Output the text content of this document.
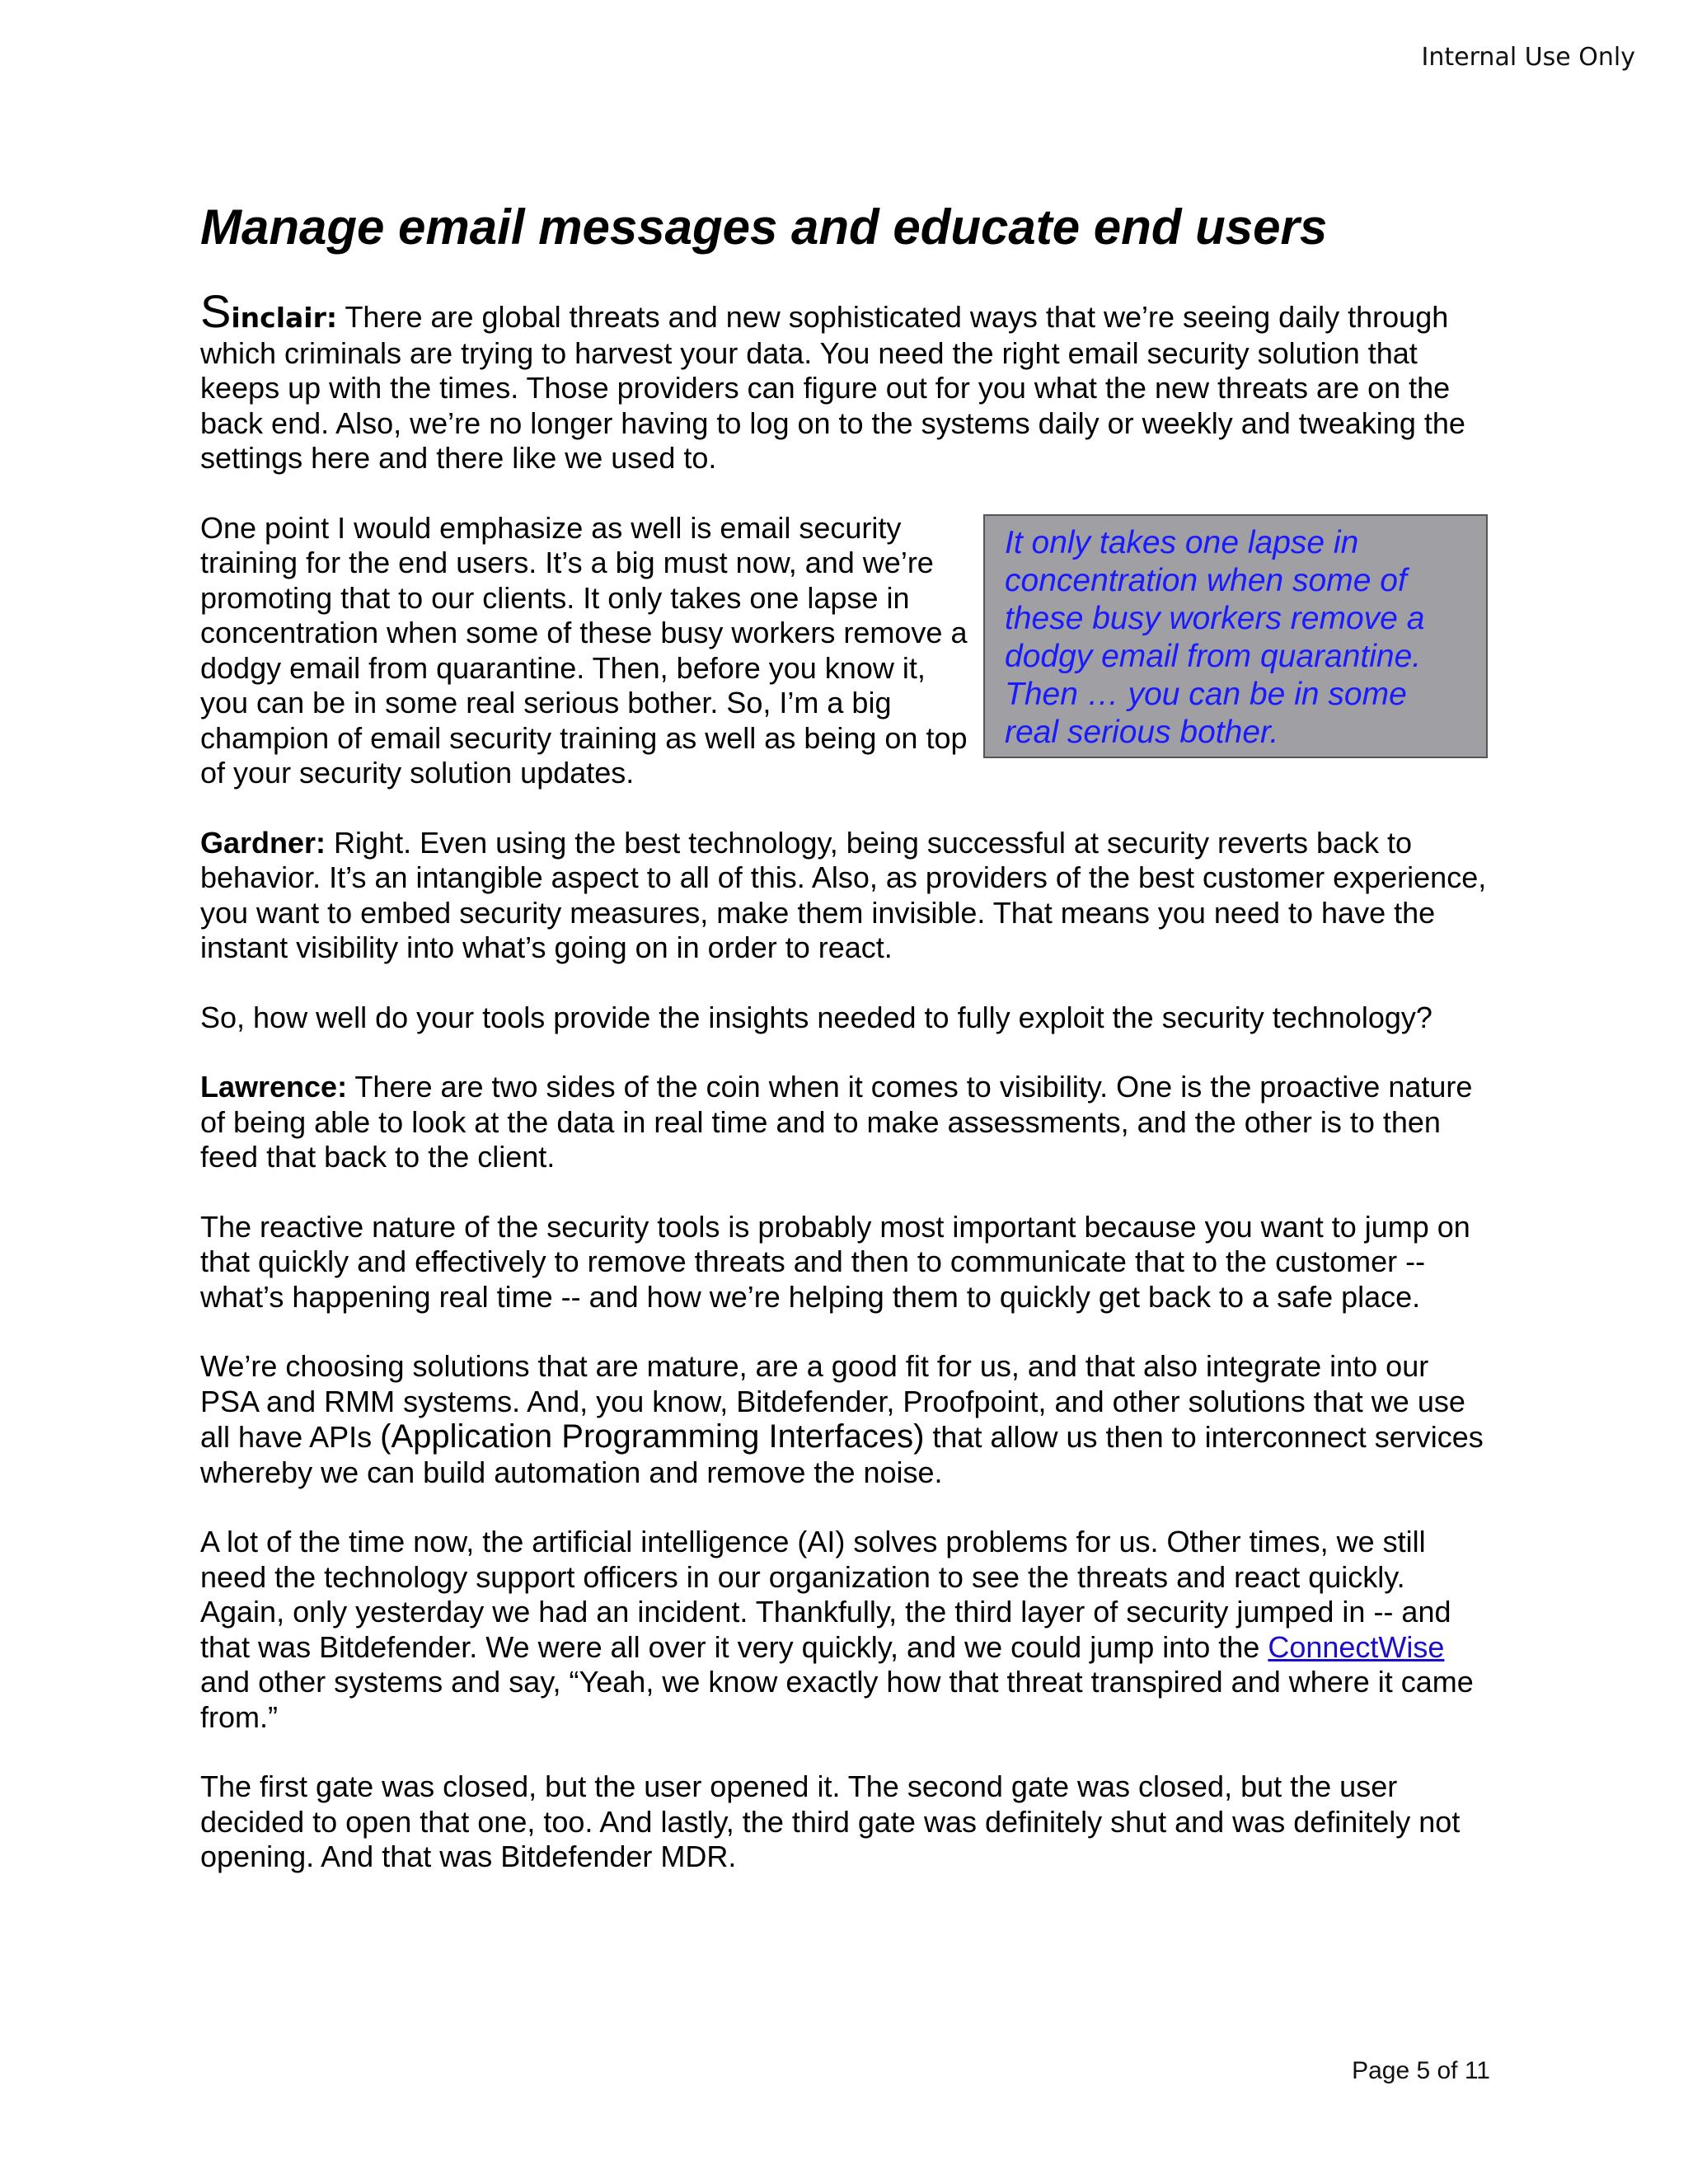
Internal Use Only
Manage email messages and educate end users

Sinclair: There are global threats and new sophisticated ways that we’re seeing daily through which criminals are trying to harvest your data. You need the right email security solution that keeps up with the times. Those providers can figure out for you what the new threats are on the back end. Also, we’re no longer having to log on to the systems daily or weekly and tweaking the settings here and there like we used to.

One point I would emphasize as well is email security training for the end users. It’s a big must now, and we’re promoting that to our clients. It only takes one lapse in concentration when some of these busy workers remove a dodgy email from quarantine. Then, before you know it, you can be in some real serious bother. So, I’m a big champion of email security training as well as being on top of your security solution updates.

It only takes one lapse in concentration when some of these busy workers remove a dodgy email from quarantine. Then … you can be in some real serious bother.

Gardner: Right. Even using the best technology, being successful at security reverts back to behavior. It’s an intangible aspect to all of this. Also, as providers of the best customer experience, you want to embed security measures, make them invisible. That means you need to have the instant visibility into what’s going on in order to react.

So, how well do your tools provide the insights needed to fully exploit the security technology?

Lawrence: There are two sides of the coin when it comes to visibility. One is the proactive nature of being able to look at the data in real time and to make assessments, and the other is to then feed that back to the client.

The reactive nature of the security tools is probably most important because you want to jump on that quickly and effectively to remove threats and then to communicate that to the customer -- what’s happening real time -- and how we’re helping them to quickly get back to a safe place.

We’re choosing solutions that are mature, are a good fit for us, and that also integrate into our PSA and RMM systems. And, you know, Bitdefender, Proofpoint, and other solutions that we use all have APIs (Application Programming Interfaces) that allow us then to interconnect services whereby we can build automation and remove the noise.

A lot of the time now, the artificial intelligence (AI) solves problems for us. Other times, we still need the technology support officers in our organization to see the threats and react quickly. Again, only yesterday we had an incident. Thankfully, the third layer of security jumped in -- and that was Bitdefender. We were all over it very quickly, and we could jump into the ConnectWise and other systems and say, “Yeah, we know exactly how that threat transpired and where it came from.”

The first gate was closed, but the user opened it. The second gate was closed, but the user decided to open that one, too. And lastly, the third gate was definitely shut and was definitely not opening. And that was Bitdefender MDR.

Page 5 of 11
